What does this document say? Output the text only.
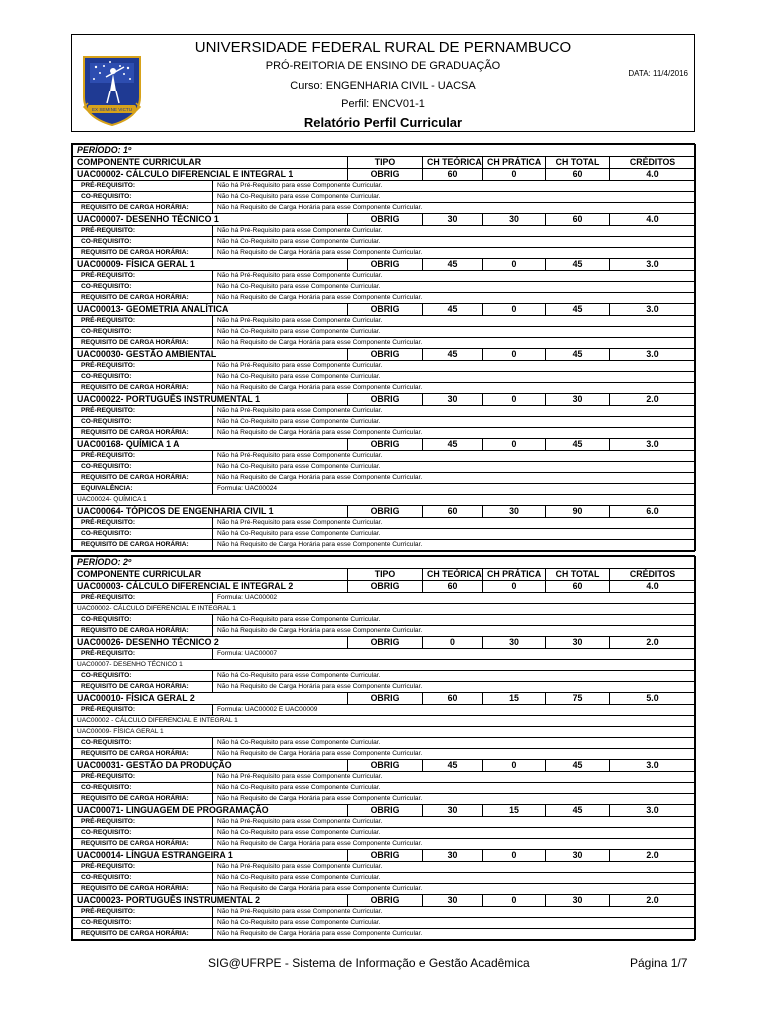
EX SEMINE VICTU
UNIVERSIDADE FEDERAL RURAL DE PERNAMBUCO
PRÓ-REITORIA DE ENSINO DE GRADUAÇÃO
Curso: ENGENHARIA CIVIL - UACSA
Perfil: ENCV01-1
Relatório Perfil Curricular
DATA: 11/4/2016
PERÍODO: 1º						
COMPONENTE CURRICULAR		TIPO	CH TEÓRICA	CH PRÁTICA	CH TOTAL	CRÉDITOS
UAC00002- CÁLCULO DIFERENCIAL E INTEGRAL 1		OBRIG	60	0	60	4.0
PRÉ-REQUISITO:	Não há Pré-Requisito para esse Componente Curricular.					
CO-REQUISITO:	Não há Co-Requisito para esse Componente Curricular.					
REQUISITO DE CARGA HORÁRIA:	Não há Requisito de Carga Horária para esse Componente Curricular.					
UAC00007- DESENHO TÉCNICO 1		OBRIG	30	30	60	4.0
PRÉ-REQUISITO:	Não há Pré-Requisito para esse Componente Curricular.					
CO-REQUISITO:	Não há Co-Requisito para esse Componente Curricular.					
REQUISITO DE CARGA HORÁRIA:	Não há Requisito de Carga Horária para esse Componente Curricular.					
UAC00009- FÍSICA GERAL 1		OBRIG	45	0	45	3.0
PRÉ-REQUISITO:	Não há Pré-Requisito para esse Componente Curricular.					
CO-REQUISITO:	Não há Co-Requisito para esse Componente Curricular.					
REQUISITO DE CARGA HORÁRIA:	Não há Requisito de Carga Horária para esse Componente Curricular.					
UAC00013- GEOMETRIA ANALÍTICA		OBRIG	45	0	45	3.0
PRÉ-REQUISITO:	Não há Pré-Requisito para esse Componente Curricular.					
CO-REQUISITO:	Não há Co-Requisito para esse Componente Curricular.					
REQUISITO DE CARGA HORÁRIA:	Não há Requisito de Carga Horária para esse Componente Curricular.					
UAC00030- GESTÃO AMBIENTAL		OBRIG	45	0	45	3.0
PRÉ-REQUISITO:	Não há Pré-Requisito para esse Componente Curricular.					
CO-REQUISITO:	Não há Co-Requisito para esse Componente Curricular.					
REQUISITO DE CARGA HORÁRIA:	Não há Requisito de Carga Horária para esse Componente Curricular.					
UAC00022- PORTUGUÊS INSTRUMENTAL 1		OBRIG	30	0	30	2.0
PRÉ-REQUISITO:	Não há Pré-Requisito para esse Componente Curricular.					
CO-REQUISITO:	Não há Co-Requisito para esse Componente Curricular.					
REQUISITO DE CARGA HORÁRIA:	Não há Requisito de Carga Horária para esse Componente Curricular.					
UAC00168- QUÍMICA 1 A		OBRIG	45	0	45	3.0
PRÉ-REQUISITO:	Não há Pré-Requisito para esse Componente Curricular.					
CO-REQUISITO:	Não há Co-Requisito para esse Componente Curricular.					
REQUISITO DE CARGA HORÁRIA:	Não há Requisito de Carga Horária para esse Componente Curricular.					
EQUIVALÊNCIA:	Formula: UAC00024					
UAC00024- QUÍMICA 1						
UAC00064- TÓPICOS DE ENGENHARIA CIVIL 1		OBRIG	60	30	90	6.0
PRÉ-REQUISITO:	Não há Pré-Requisito para esse Componente Curricular.					
CO-REQUISITO:	Não há Co-Requisito para esse Componente Curricular.					
REQUISITO DE CARGA HORÁRIA:	Não há Requisito de Carga Horária para esse Componente Curricular.					
PERÍODO: 2º						
COMPONENTE CURRICULAR		TIPO	CH TEÓRICA	CH PRÁTICA	CH TOTAL	CRÉDITOS
UAC00003- CÁLCULO DIFERENCIAL E INTEGRAL 2		OBRIG	60	0	60	4.0
PRÉ-REQUISITO:	Formula: UAC00002					
UAC00002- CÁLCULO DIFERENCIAL E INTEGRAL 1						
CO-REQUISITO:	Não há Co-Requisito para esse Componente Curricular.					
REQUISITO DE CARGA HORÁRIA:	Não há Requisito de Carga Horária para esse Componente Curricular.					
UAC00026- DESENHO TÉCNICO 2		OBRIG	0	30	30	2.0
PRÉ-REQUISITO:	Formula: UAC00007					
UAC00007- DESENHO TÉCNICO 1						
CO-REQUISITO:	Não há Co-Requisito para esse Componente Curricular.					
REQUISITO DE CARGA HORÁRIA:	Não há Requisito de Carga Horária para esse Componente Curricular.					
UAC00010- FÍSICA GERAL 2		OBRIG	60	15	75	5.0
PRÉ-REQUISITO:	Formula: UAC00002 E UAC00009					
UAC00002 - CÁLCULO DIFERENCIAL E INTEGRAL 1						
UAC00009- FÍSICA GERAL 1						
CO-REQUISITO:	Não há Co-Requisito para esse Componente Curricular.					
REQUISITO DE CARGA HORÁRIA:	Não há Requisito de Carga Horária para esse Componente Curricular.					
UAC00031- GESTÃO DA PRODUÇÃO		OBRIG	45	0	45	3.0
PRÉ-REQUISITO:	Não há Pré-Requisito para esse Componente Curricular.					
CO-REQUISITO:	Não há Co-Requisito para esse Componente Curricular.					
REQUISITO DE CARGA HORÁRIA:	Não há Requisito de Carga Horária para esse Componente Curricular.					
UAC00071- LINGUAGEM DE PROGRAMAÇÃO		OBRIG	30	15	45	3.0
PRÉ-REQUISITO:	Não há Pré-Requisito para esse Componente Curricular.					
CO-REQUISITO:	Não há Co-Requisito para esse Componente Curricular.					
REQUISITO DE CARGA HORÁRIA:	Não há Requisito de Carga Horária para esse Componente Curricular.					
UAC00014- LÍNGUA ESTRANGEIRA 1		OBRIG	30	0	30	2.0
PRÉ-REQUISITO:	Não há Pré-Requisito para esse Componente Curricular.					
CO-REQUISITO:	Não há Co-Requisito para esse Componente Curricular.					
REQUISITO DE CARGA HORÁRIA:	Não há Requisito de Carga Horária para esse Componente Curricular.					
UAC00023- PORTUGUÊS INSTRUMENTAL 2		OBRIG	30	0	30	2.0
PRÉ-REQUISITO:	Não há Pré-Requisito para esse Componente Curricular.					
CO-REQUISITO:	Não há Co-Requisito para esse Componente Curricular.					
REQUISITO DE CARGA HORÁRIA:	Não há Requisito de Carga Horária para esse Componente Curricular.					
SIG@UFRPE - Sistema de Informação e Gestão Acadêmica	Página 1/7
